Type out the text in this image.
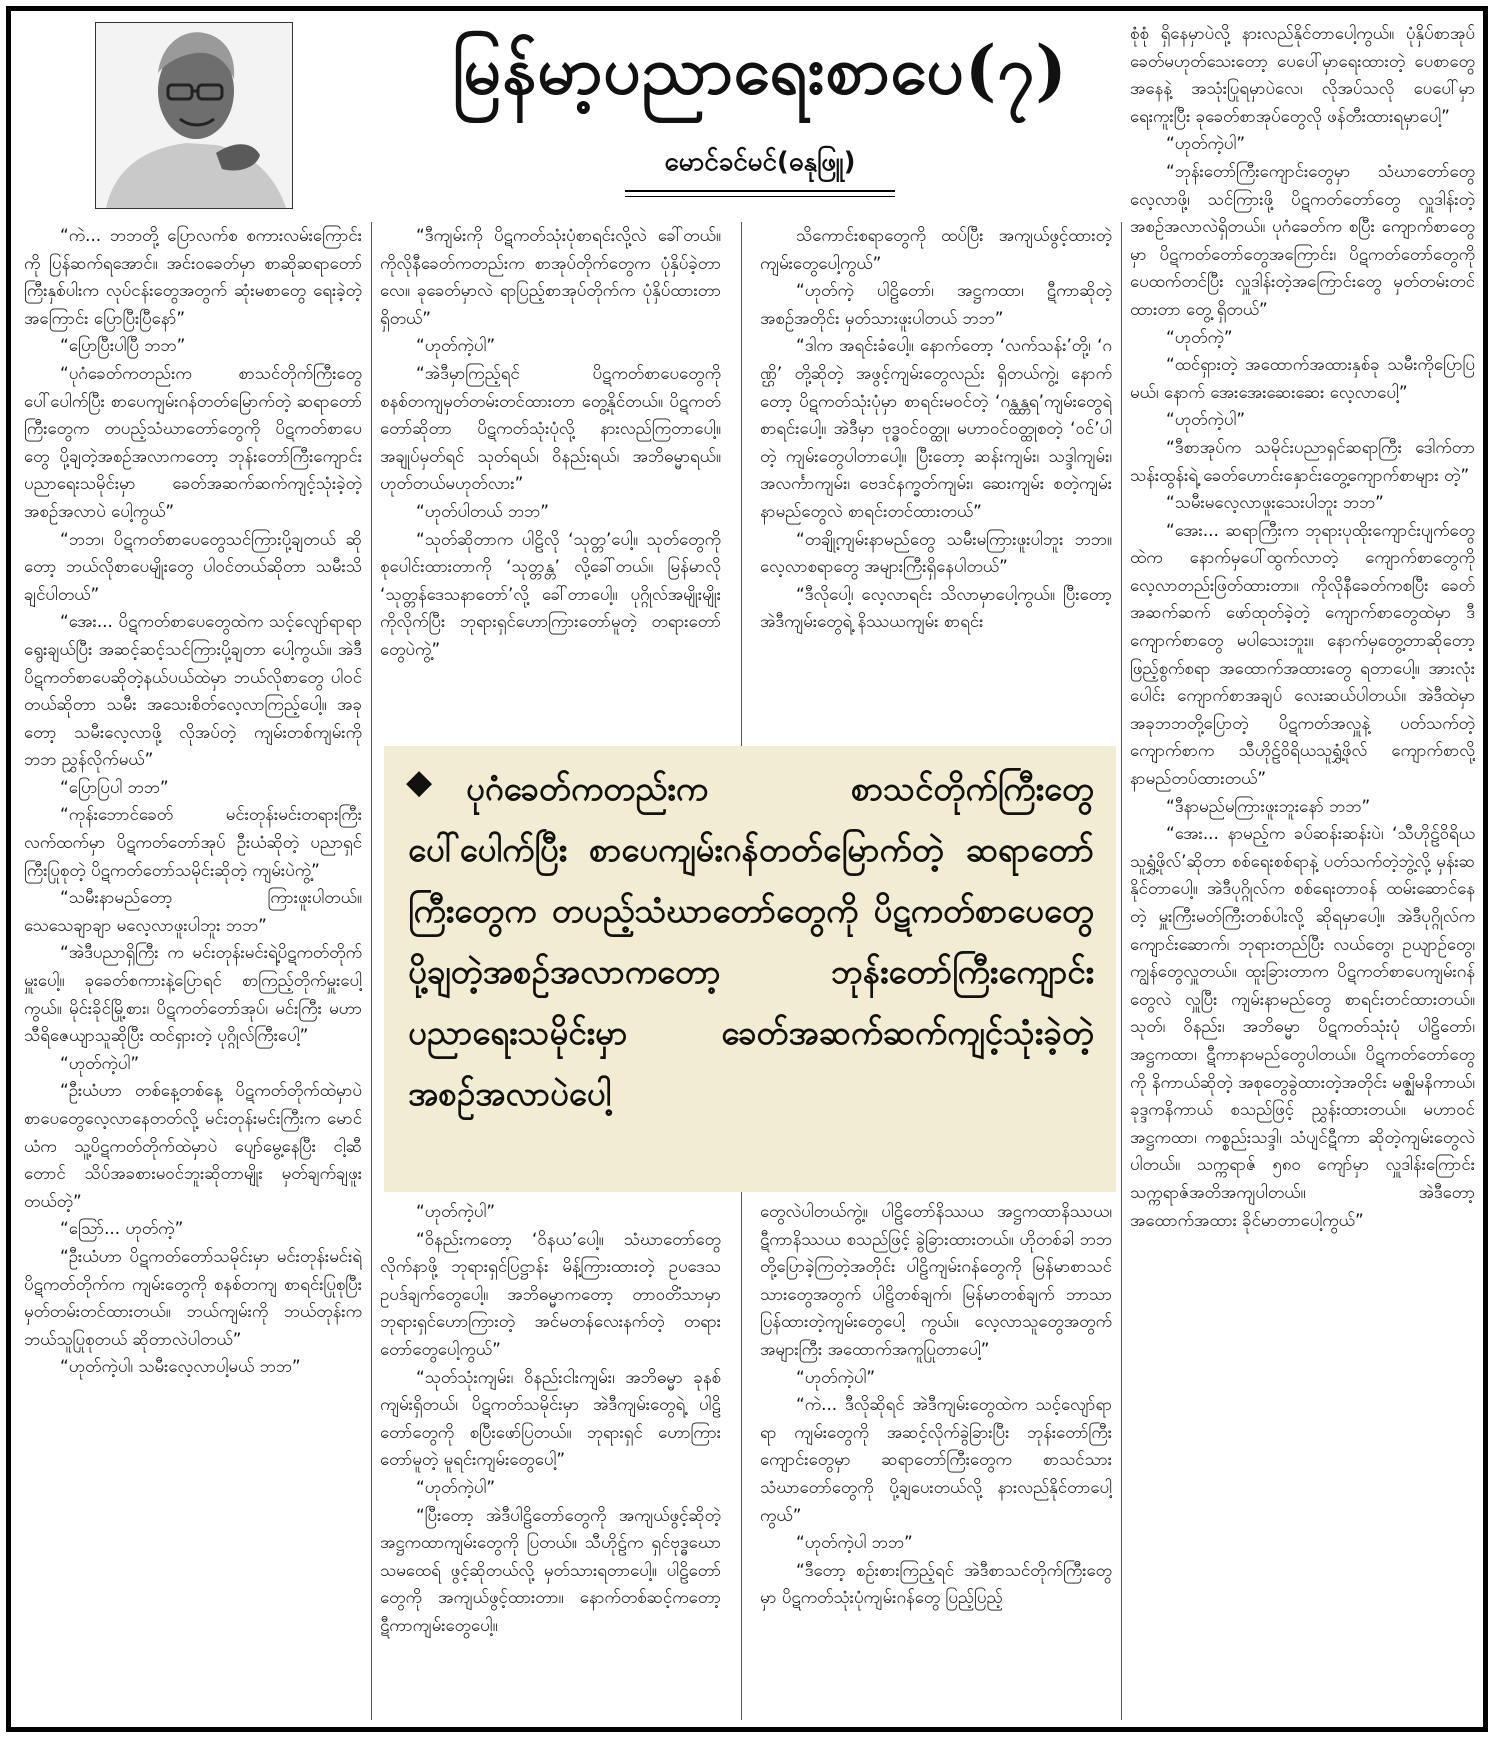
မြန်မာ့ပညာရေးစာပေ(၇)
မောင်ခင်မင်(ဓနုဖြူ)

“ကဲ... ဘဘတို့ ပြောလက်စ စကားလမ်းကြောင်းကို ပြန်ဆက်ရအောင်။ အင်းဝခေတ်မှာ စာဆိုဆရာတော်ကြီးနှစ်ပါးက လုပ်ငန်းတွေအတွက် ဆုံးမစာတွေ ရေးခဲ့တဲ့အကြောင်း ပြောပြီးပြီနော်”

“ပြောပြီးပါပြီ ဘဘ”

“ပုဂံခေတ်ကတည်းက စာသင်တိုက်ကြီးတွေ ပေါ်ပေါက်ပြီး စာပေကျမ်းဂန်တတ်မြောက်တဲ့ ဆရာတော်ကြီးတွေက တပည့်သံဃာတော်တွေကို ပိဋကတ်စာပေတွေ ပို့ချတဲ့အစဉ်အလာကတော့ ဘုန်းတော်ကြီးကျောင်း ပညာရေးသမိုင်းမှာ ခေတ်အဆက်ဆက်ကျင့်သုံးခဲ့တဲ့ အစဉ်အလာပဲ ပေါ့ကွယ်”

“ဘဘ၊ ပိဋကတ်စာပေတွေသင်ကြားပို့ချတယ် ဆိုတော့ ဘယ်လိုစာပေမျိုးတွေ ပါဝင်တယ်ဆိုတာ သမီးသိချင်ပါတယ်”

“အေး... ပိဋကတ်စာပေတွေထဲက သင့်လျော်ရာရာ ရွေးချယ်ပြီး အဆင့်ဆင့်သင်ကြားပို့ချတာ ပေါ့ကွယ်။ အဲဒီပိဋကတ်စာပေဆိုတဲ့နယ်ပယ်ထဲမှာ ဘယ်လိုစာတွေ ပါဝင်တယ်ဆိုတာ သမီး အသေးစိတ်လေ့လာကြည့်ပေါ့။ အခုတော့ သမီးလေ့လာဖို့ လိုအပ်တဲ့ ကျမ်းတစ်ကျမ်းကို ဘဘ ညွှန်လိုက်မယ်”

“ပြောပြပါ ဘဘ”

“ကုန်းဘောင်ခေတ် မင်းတုန်းမင်းတရားကြီး လက်ထက်မှာ ပိဋကတ်တော်အုပ် ဦးယံဆိုတဲ့ ပညာရှင်ကြီးပြုစုတဲ့ ပိဋကတ်တော်သမိုင်းဆိုတဲ့ ကျမ်းပဲကွဲ့”

“သမီးနာမည်တော့ ကြားဖူးပါတယ်။ သေသေချာချာ မလေ့လာဖူးပါဘူး ဘဘ”

“အဲဒီပညာရှိကြီး က မင်းတုန်းမင်းရဲ့ပိဋကတ်တိုက်မှူးပေါ့။ ခုခေတ်စကားနဲ့ပြောရင် စာကြည့်တိုက်မှူးပေါ့ကွယ်။ မိုင်းခိုင်မြို့စား၊ ပိဋကတ်တော်အုပ်၊ မင်းကြီး မဟာသီရိဇေယျာသူဆိုပြီး ထင်ရှားတဲ့ ပုဂ္ဂိုလ်ကြီးပေါ့”

“ဟုတ်ကဲ့ပါ”

“ဦးယံဟာ တစ်နေ့တစ်နေ့ ပိဋကတ်တိုက်ထဲမှာပဲ စာပေတွေလေ့လာနေတတ်လို့ မင်းတုန်းမင်းကြီးက မောင်ယံက သူ့ပိဋကတ်တိုက်ထဲမှာပဲ ပျော်မွေ့နေပြီး ငါ့ဆီတောင် သိပ်အခစားမဝင်ဘူးဆိုတာမျိုး မှတ်ချက်ချဖူးတယ်တဲ့”

“သြော်... ဟုတ်ကဲ့”

“ဦးယံဟာ ပိဋကတ်တော်သမိုင်းမှာ မင်းတုန်းမင်းရဲ့ ပိဋကတ်တိုက်က ကျမ်းတွေကို စနစ်တကျ စာရင်းပြုစုပြီး မှတ်တမ်းတင်ထားတယ်။ ဘယ်ကျမ်းကို ဘယ်တုန်းက ဘယ်သူပြုစုတယ် ဆိုတာလဲပါတယ်”

“ဟုတ်ကဲ့ပါ၊ သမီးလေ့လာပါ့မယ် ဘဘ”

“ဒီကျမ်းကို ပိဋကတ်သုံးပုံစာရင်းလို့လဲ ခေါ်တယ်။ ကိုလိုနီခေတ်ကတည်းက စာအုပ်တိုက်တွေက ပုံနှိပ်ခဲ့တာလေ။ ခုခေတ်မှာလဲ ရာပြည့်စာအုပ်တိုက်က ပုံနှိပ်ထားတာရှိတယ်”

“ဟုတ်ကဲ့ပါ”

“အဲဒီမှာကြည့်ရင် ပိဋကတ်စာပေတွေကို စနစ်တကျမှတ်တမ်းတင်ထားတာ တွေ့နိုင်တယ်။ ပိဋကတ်တော်ဆိုတာ ပိဋကတ်သုံးပုံလို့ နားလည်ကြတာပေါ့။ အချုပ်မှတ်ရင် သုတ်ရယ်၊ ဝိနည်းရယ်၊ အဘိဓမ္မာရယ်။ ဟုတ်တယ်မဟုတ်လား”

“ဟုတ်ပါတယ် ဘဘ”

“သုတ်ဆိုတာက ပါဠိလို ‘သုတ္တ’ပေါ့။ သုတ်တွေကို စုပေါင်းထားတာကို ‘သုတ္တန္တ’ လို့ခေါ်တယ်။ မြန်မာလို ‘သုတ္တန်ဒေသနာတော်’လို့ ခေါ်တာပေါ့။ ပုဂ္ဂိုလ်အမျိုးမျိုးကိုလိုက်ပြီး ဘုရားရှင်ဟောကြားတော်မူတဲ့ တရားတော်တွေပဲကွဲ့”

သိကောင်းစရာတွေကို ထပ်ပြီး အကျယ်ဖွင့်ထားတဲ့ ကျမ်းတွေပေါ့ကွယ်”

“ဟုတ်ကဲ့ ပါဠိတော်၊ အဋ္ဌကထာ၊ ဋီကာဆိုတဲ့ အစဉ်အတိုင်း မှတ်သားဖူးပါတယ် ဘဘ”

“ဒါက အရင်းခံပေါ့။ နောက်တော့ ‘လက်သန်း’တို့၊ ‘ဂဏ္ဌိ’ တို့ဆိုတဲ့ အဖွင့်ကျမ်းတွေလည်း ရှိတယ်ကွဲ့၊ နောက်တော့ ပိဋကတ်သုံးပုံမှာ စာရင်းမဝင်တဲ့ ‘ဂန္ထန္တရ’ကျမ်းတွေရဲ့ စာရင်းပေါ့။ အဲဒီမှာ ဗုဒ္ဓဝင်ဝတ္ထု၊ မဟာဝင်ဝတ္ထုစတဲ့ ‘ဝင်’ပါတဲ့ ကျမ်းတွေပါတာပေါ့။ ပြီးတော့ ဆန်းကျမ်း၊ သဒ္ဒါကျမ်း၊ အလင်္ကာကျမ်း၊ ဗေဒင်နက္ခတ်ကျမ်း၊ ဆေးကျမ်း စတဲ့ကျမ်းနာမည်တွေလဲ စာရင်းတင်ထားတယ်”

“တချို့ကျမ်းနာမည်တွေ သမီးမကြားဖူးပါဘူး ဘဘ။ လေ့လာစရာတွေ အများကြီးရှိနေပါတယ်”

“ဒီလိုပေါ့၊ လေ့လာရင်း သိလာမှာပေါ့ကွယ်။ ပြီးတော့ အဲဒီကျမ်းတွေရဲ့ နိဿယကျမ်း စာရင်း

◆	ပုဂံခေတ်ကတည်းက စာသင်တိုက်ကြီးတွေ ပေါ်ပေါက်ပြီး စာပေကျမ်းဂန်တတ်မြောက်တဲ့ ဆရာတော်ကြီးတွေက တပည့်သံဃာတော်တွေကို ပိဋကတ်စာပေတွေ ပို့ချတဲ့အစဉ်အလာကတော့ ဘုန်းတော်ကြီးကျောင်း ပညာရေးသမိုင်းမှာ ခေတ်အဆက်ဆက်ကျင့်သုံးခဲ့တဲ့ အစဉ်အလာပဲပေါ့

“ဟုတ်ကဲ့ပါ”

“ဝိနည်းကတော့ ‘ဝိနယ’ပေါ့။ သံဃာတော်တွေ လိုက်နာဖို့ ဘုရားရှင်ပြဋ္ဌာန်း မိန့်ကြားထားတဲ့ ဥပဒေသဥပဒ်ချက်တွေပေါ့။ အဘိဓမ္မာကတော့ တာဝတိံသာမှာ ဘုရားရှင်ဟောကြားတဲ့ အင်မတန်လေးနက်တဲ့ တရားတော်တွေပေါ့ကွယ်”

“သုတ်သုံးကျမ်း၊ ဝိနည်းငါးကျမ်း၊ အဘိဓမ္မာ ခုနစ်ကျမ်းရှိတယ်၊ ပိဋကတ်သမိုင်းမှာ အဲဒီကျမ်းတွေရဲ့ ပါဠိတော်တွေကို စပြီးဖော်ပြတယ်။ ဘုရားရှင် ဟောကြားတော်မူတဲ့ မူရင်းကျမ်းတွေပေါ့”

“ဟုတ်ကဲ့ပါ”

“ပြီးတော့ အဲဒီပါဠိတော်တွေကို အကျယ်ဖွင့်ဆိုတဲ့ အဋ္ဌကထာကျမ်းတွေကို ပြတယ်။ သီဟိုဠ်က ရှင်ဗုဒ္ဓဃောသမထေရ် ဖွင့်ဆိုတယ်လို့ မှတ်သားရတာပေါ့။ ပါဠိတော်တွေကို အကျယ်ဖွင့်ထားတာ။ နောက်တစ်ဆင့်ကတော့ ဋီကာကျမ်းတွေပေါ့။

တွေလဲပါတယ်ကွဲ့။ ပါဠိတော်နိဿယ အဋ္ဌကထာနိဿယ၊ ဋီကာနိဿယ စသည်ဖြင့် ခွဲခြားထားတယ်။ ဟိုတစ်ခါ ဘဘတို့ပြောခဲ့ကြတဲ့အတိုင်း ပါဠိကျမ်းဂန်တွေကို မြန်မာစာသင်သားတွေအတွက် ပါဠိတစ်ချက်၊ မြန်မာတစ်ချက် ဘာသာပြန်ထားတဲ့ကျမ်းတွေပေါ့ ကွယ်။ လေ့လာသူတွေအတွက် အများကြီး အထောက်အကူပြုတာပေါ့”

“ဟုတ်ကဲ့ပါ”

“ကဲ... ဒီလိုဆိုရင် အဲဒီကျမ်းတွေထဲက သင့်လျော်ရာရာ ကျမ်းတွေကို အဆင့်လိုက်ခွဲခြားပြီး ဘုန်းတော်ကြီးကျောင်းတွေမှာ ဆရာတော်ကြီးတွေက စာသင်သားသံဃာတော်တွေကို ပို့ချပေးတယ်လို့ နားလည်နိုင်တာပေါ့ကွယ်”

“ဟုတ်ကဲ့ပါ ဘဘ”

“ဒီတော့ စဉ်းစားကြည့်ရင် အဲဒီစာသင်တိုက်ကြီးတွေမှာ ပိဋကတ်သုံးပုံကျမ်းဂန်တွေ ပြည့်ပြည့်

စုံစုံ ရှိနေမှာပဲလို့ နားလည်နိုင်တာပေါ့ကွယ်။ ပုံနှိပ်စာအုပ် ခေတ်မဟုတ်သေးတော့ ပေပေါ်မှာရေးထားတဲ့ ပေစာတွေအနေနဲ့ အသုံးပြုရမှာပဲလေ၊ လိုအပ်သလို ပေပေါ်မှာရေးကူးပြီး ခုခေတ်စာအုပ်တွေလို ဖန်တီးထားရမှာပေါ့”

“ဟုတ်ကဲ့ပါ”

“ဘုန်းတော်ကြီးကျောင်းတွေမှာ သံဃာတော်တွေလေ့လာဖို့၊ သင်ကြားဖို့ ပိဋကတ်တော်တွေ လှူဒါန်းတဲ့ အစဉ်အလာလဲရှိတယ်။ ပုဂံခေတ်က စပြီး ကျောက်စာတွေမှာ ပိဋကတ်တော်တွေအကြောင်း၊ ပိဋကတ်တော်တွေကို ပေထက်တင်ပြီး လှူဒါန်းတဲ့အကြောင်းတွေ မှတ်တမ်းတင်ထားတာ တွေ့ ရှိတယ်”

“ဟုတ်ကဲ့”

“ထင်ရှားတဲ့ အထောက်အထားနှစ်ခု သမီးကိုပြောပြမယ်၊ နောက် အေးအေးဆေးဆေး လေ့လာပေါ့”

“ဟုတ်ကဲ့ပါ”

“ဒီစာအုပ်က သမိုင်းပညာရှင်ဆရာကြီး ဒေါက်တာသန်းထွန်းရဲ့ ခေတ်ဟောင်းနှောင်းတွေ့ကျောက်စာများ တဲ့”

“သမီးမလေ့လာဖူးသေးပါဘူး ဘဘ”

“အေး... ဆရာကြီးက ဘုရားပုထိုးကျောင်းပျက်တွေထဲက နောက်မှပေါ်ထွက်လာတဲ့ ကျောက်စာတွေကို လေ့လာတည်းဖြတ်ထားတာ။ ကိုလိုနီခေတ်ကစပြီး ခေတ်အဆက်ဆက် ဖော်ထုတ်ခဲ့တဲ့ ကျောက်စာတွေထဲမှာ ဒီကျောက်စာတွေ မပါသေးဘူး။ နောက်မှတွေ့တာဆိုတော့ ဖြည့်စွက်စရာ အထောက်အထားတွေ ရတာပေါ့။ အားလုံးပေါင်း ကျောက်စာအချပ် လေးဆယ်ပါတယ်။ အဲဒီထဲမှာ အခုဘဘတို့ပြောတဲ့ ပိဋကတ်အလှူနဲ့ ပတ်သက်တဲ့ကျောက်စာက သီဟိုဠ်ဝိရိယသူရွှံ့ဖိုလ် ကျောက်စာလို့ နာမည်တပ်ထားတယ်”

“ဒီနာမည်မကြားဖူးဘူးနော် ဘဘ”

“အေး... နာမည့်က ခပ်ဆန်းဆန်းပဲ၊ ‘သီဟိုဠ်ဝိရိယသူရွှံ့ဖိုလ်’ဆိုတာ စစ်ရေးစစ်ရာနဲ့ ပတ်သက်တဲ့ဘွဲ့လို့ မှန်းဆနိုင်တာပေါ့။ အဲဒီပုဂ္ဂိုလ်က စစ်ရေးတာဝန် ထမ်းဆောင်နေတဲ့ မှူးကြီးမတ်ကြီးတစ်ပါးလို့ ဆိုရမှာပေါ့။ အဲဒီပုဂ္ဂိုလ်က ကျောင်းဆောက်၊ ဘုရားတည်ပြီး လယ်တွေ၊ ဥယျာဉ်တွေ၊ ကျွန်တွေလှူတယ်။ ထူးခြားတာက ပိဋကတ်စာပေကျမ်းဂန်တွေလဲ လှူပြီး ကျမ်းနာမည်တွေ စာရင်းတင်ထားတယ်။ သုတ်၊ ဝိနည်း၊ အဘိဓမ္မာ ပိဋကတ်သုံးပုံ ပါဠိတော်၊ အဋ္ဌကထာ၊ ဋီကာနာမည်တွေပါတယ်။ ပိဋကတ်တော်တွေကို နိကာယ်ဆိုတဲ့ အစုတွေခွဲထားတဲ့အတိုင်း မဇ္ဈိမနိကာယ်၊ ခုဒ္ဒကနိကာယ် စသည်ဖြင့် ညွှန်းထားတယ်။ မဟာဝင် အဋ္ဌကထာ၊ ကစ္စည်းသဒ္ဒါ၊ သံပျင်ဋီကာ ဆိုတဲ့ကျမ်းတွေလဲပါတယ်။ သက္ကရာဇ် ၅၈၀ ကျော်မှာ လှူဒါန်းကြောင်း သက္ကရာဇ်အတိအကျပါတယ်။ အဲဒီတော့ အထောက်အထား ခိုင်မာတာပေါ့ကွယ်”
